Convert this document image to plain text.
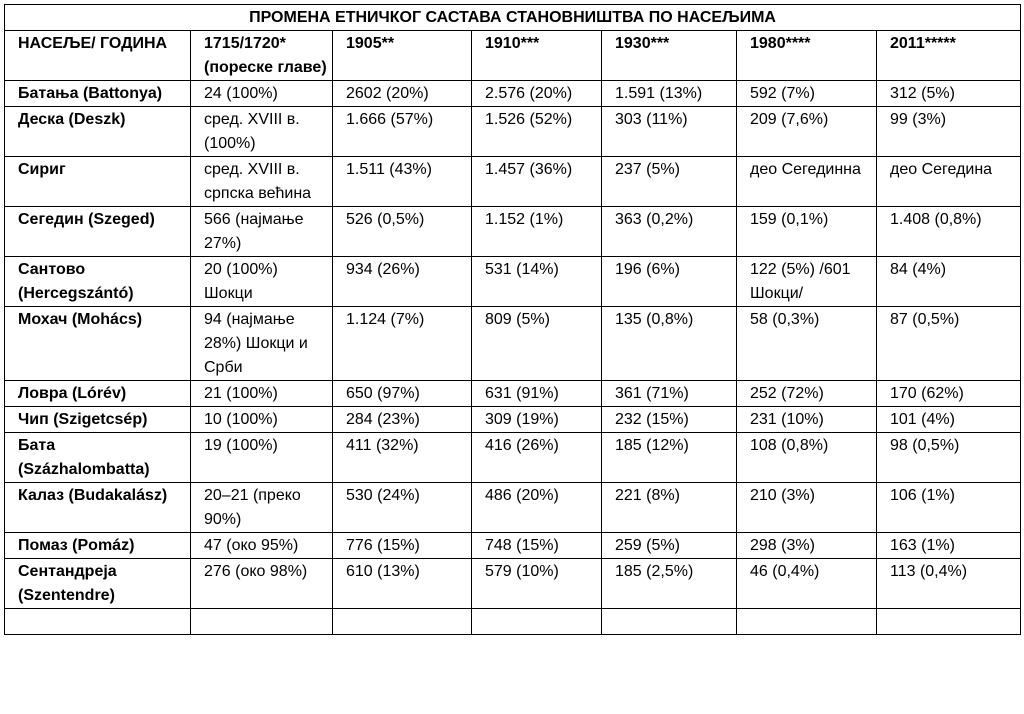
ПРОМЕНА ЕТНИЧКОГ САСТАВА СТАНОВНИШТВА ПО НАСЕЉИМА						
НАСЕЉЕ/ ГОДИНА	1715/1720* (пореске главе)	1905**	1910***	1930***	1980****	2011*****
Батања (Battonya)	24 (100%)	2602 (20%)	2.576 (20%)	1.591 (13%)	592 (7%)	312 (5%)
Деска (Deszk)	сред. XVIII в. (100%)	1.666 (57%)	1.526 (52%)	303 (11%)	209 (7,6%)	99 (3%)
Сириг	сред. XVIII в. српска већина	1.511 (43%)	1.457 (36%)	237 (5%)	део Сегединна	део Сегедина
Сегедин (Szeged)	566 (најмање 27%)	526 (0,5%)	1.152 (1%)	363 (0,2%)	159 (0,1%)	1.408 (0,8%)
Сантово (Hercegszántó)	20 (100%) Шокци	934 (26%)	531 (14%)	196 (6%)	122 (5%) /601 Шокци/	84 (4%)
Мохач (Mohács)	94 (најмање 28%) Шокци и Срби	1.124 (7%)	809 (5%)	135 (0,8%)	58 (0,3%)	87 (0,5%)
Ловра (Lórév)	21 (100%)	650 (97%)	631 (91%)	361 (71%)	252 (72%)	170 (62%)
Чип (Szigetcsép)	10 (100%)	284 (23%)	309 (19%)	232 (15%)	231 (10%)	101 (4%)
Бата (Százhalombatta)	19 (100%)	411 (32%)	416 (26%)	185 (12%)	108 (0,8%)	98 (0,5%)
Калаз (Budakalász)	20–21 (преко 90%)	530 (24%)	486 (20%)	221 (8%)	210 (3%)	106 (1%)
Помаз (Pomáz)	47 (око 95%)	776 (15%)	748 (15%)	259 (5%)	298 (3%)	163 (1%)
Сентандреја (Szentendre)	276 (око 98%)	610 (13%)	579 (10%)	185 (2,5%)	46 (0,4%)	113 (0,4%)
